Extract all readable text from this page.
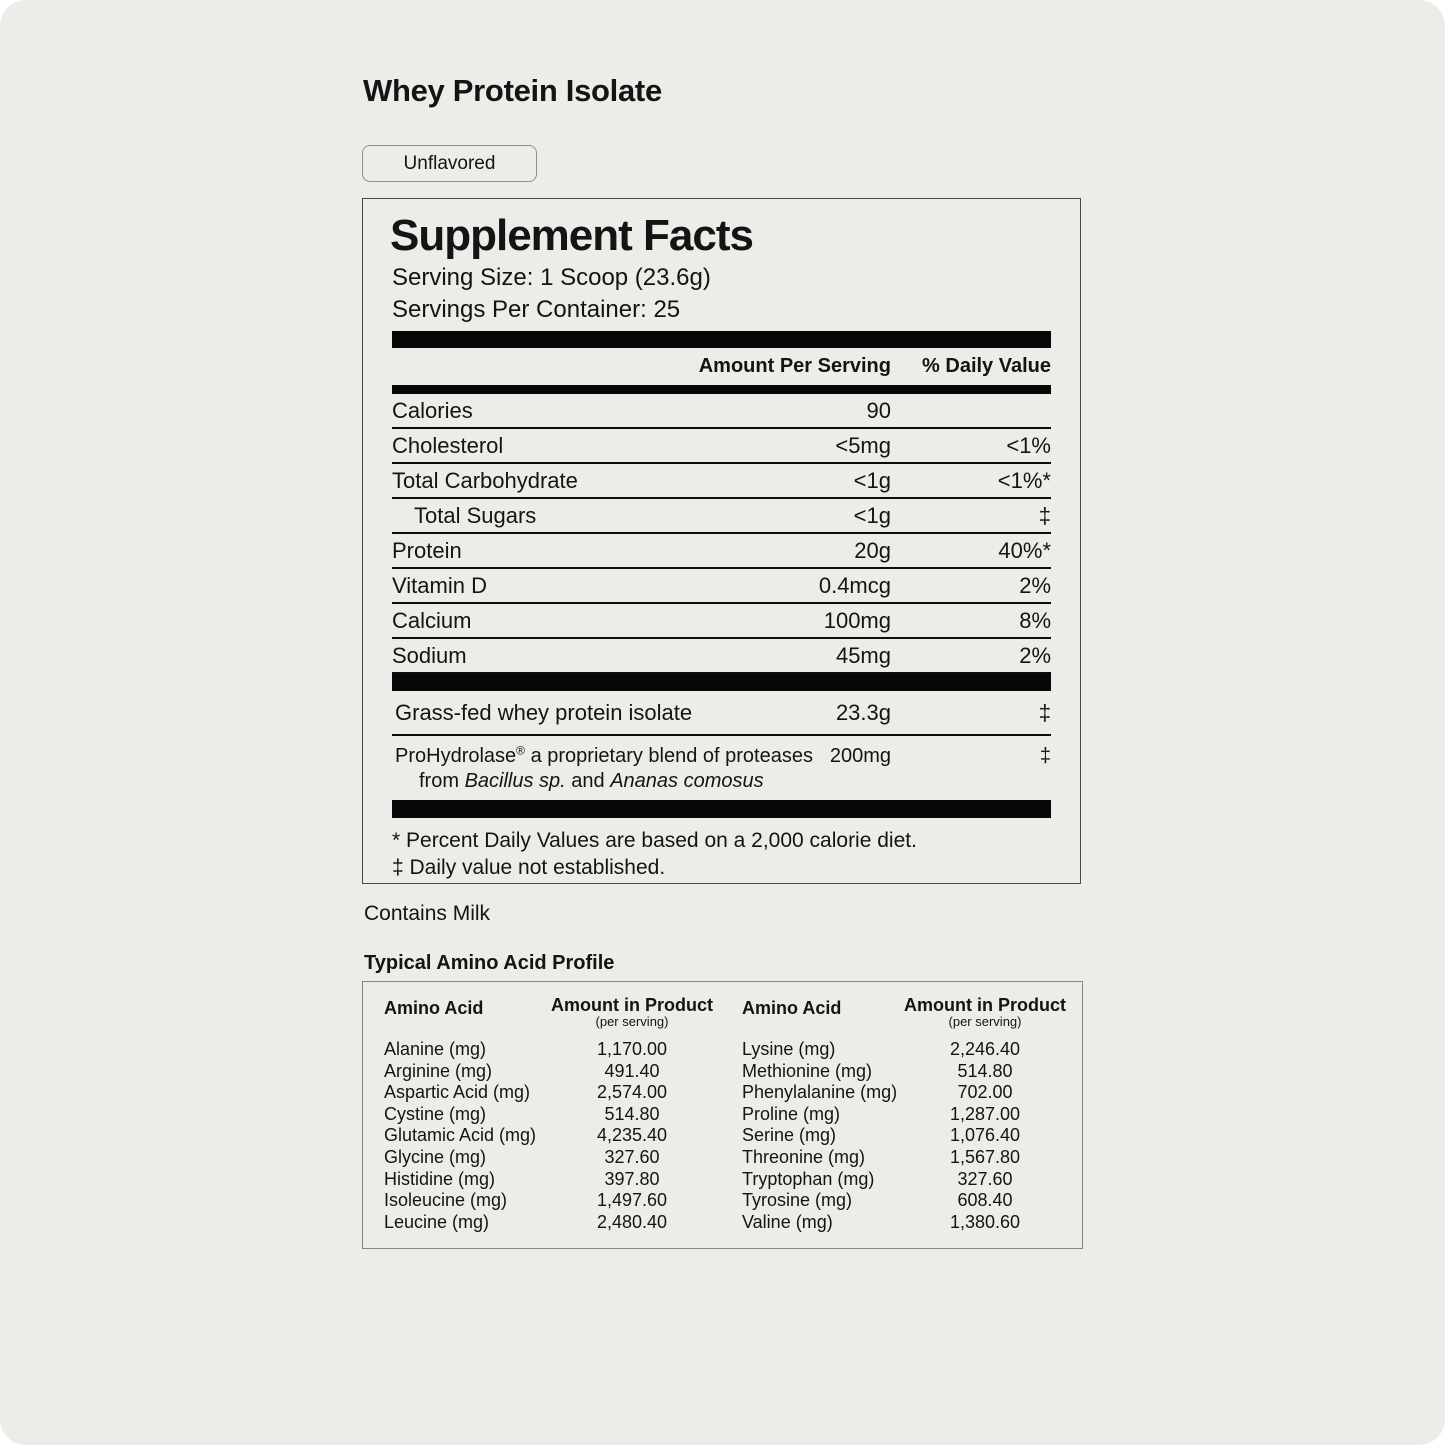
Whey Protein Isolate
Unflavored
Supplement Facts
Serving Size: 1 Scoop (23.6g)
Servings Per Container: 25
Amount Per Serving	% Daily Value
Calories	90
Cholesterol	<5mg	<1%
Total Carbohydrate	<1g	<1%*
Total Sugars	<1g	‡
Protein	20g	40%*
Vitamin D	0.4mcg	2%
Calcium	100mg	8%
Sodium	45mg	2%
Grass-fed whey protein isolate	23.3g	‡
ProHydrolase® a proprietary blend of proteases
from Bacillus sp. and Ananas comosus
200mg	‡
* Percent Daily Values are based on a 2,000 calorie diet.
‡ Daily value not established.
Contains Milk
Typical Amino Acid Profile
Amino Acid	Amount in Product
(per serving)
Alanine (mg)	1,170.00
Arginine (mg)	491.40
Aspartic Acid (mg)	2,574.00
Cystine (mg)	514.80
Glutamic Acid (mg)	4,235.40
Glycine (mg)	327.60
Histidine (mg)	397.80
Isoleucine (mg)	1,497.60
Leucine (mg)	2,480.40
Amino Acid	Amount in Product
(per serving)
Lysine (mg)	2,246.40
Methionine (mg)	514.80
Phenylalanine (mg)	702.00
Proline (mg)	1,287.00
Serine (mg)	1,076.40
Threonine (mg)	1,567.80
Tryptophan (mg)	327.60
Tyrosine (mg)	608.40
Valine (mg)	1,380.60
